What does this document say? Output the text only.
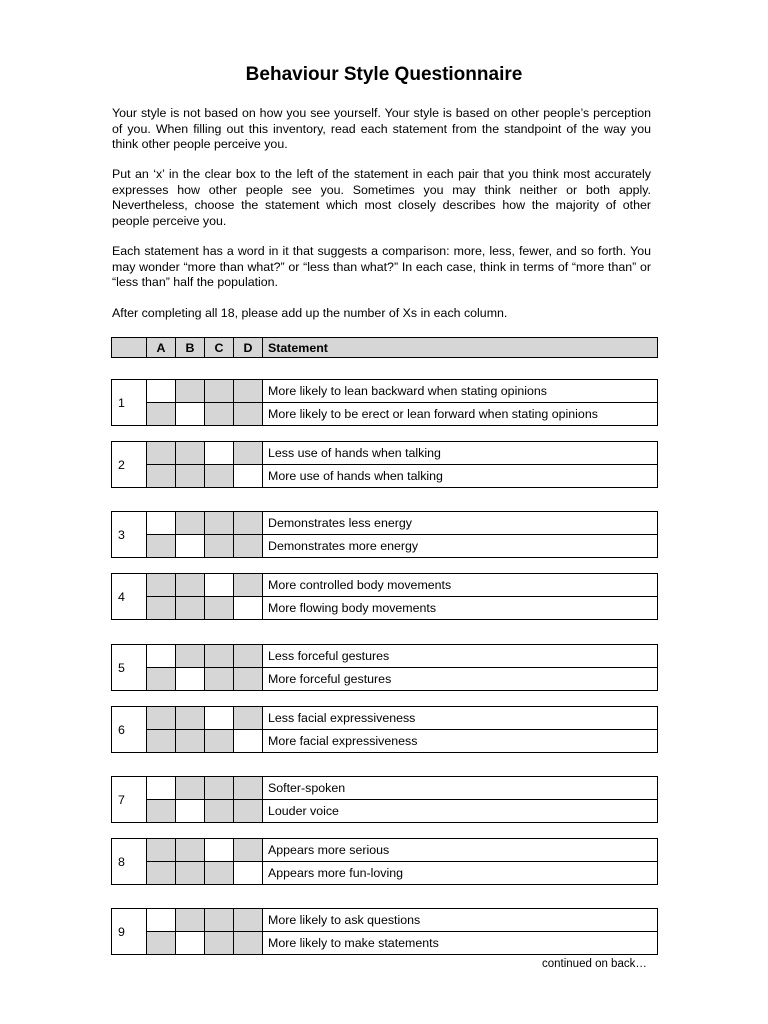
Behaviour Style Questionnaire
Your style is not based on how you see yourself. Your style is based on other people’s perception of you. When filling out this inventory, read each statement from the standpoint of the way you think other people perceive you.
Put an ‘x’ in the clear box to the left of the statement in each pair that you think most accurately expresses how other people see you. Sometimes you may think neither or both apply. Nevertheless, choose the statement which most closely describes how the majority of other people perceive you.
Each statement has a word in it that suggests a comparison: more, less, fewer, and so forth. You may wonder “more than what?” or “less than what?” In each case, think in terms of “more than” or “less than” half the population.
After completing all 18, please add up the number of Xs in each column.
	A	B	C	D	Statement
1					More likely to lean backward when stating opinions
					More likely to be erect or lean forward when stating opinions
2					Less use of hands when talking
					More use of hands when talking
3					Demonstrates less energy
					Demonstrates more energy
4					More controlled body movements
					More flowing body movements
5					Less forceful gestures
					More forceful gestures
6					Less facial expressiveness
					More facial expressiveness
7					Softer-spoken
					Louder voice
8					Appears more serious
					Appears more fun-loving
9					More likely to ask questions
					More likely to make statements
continued on back…
